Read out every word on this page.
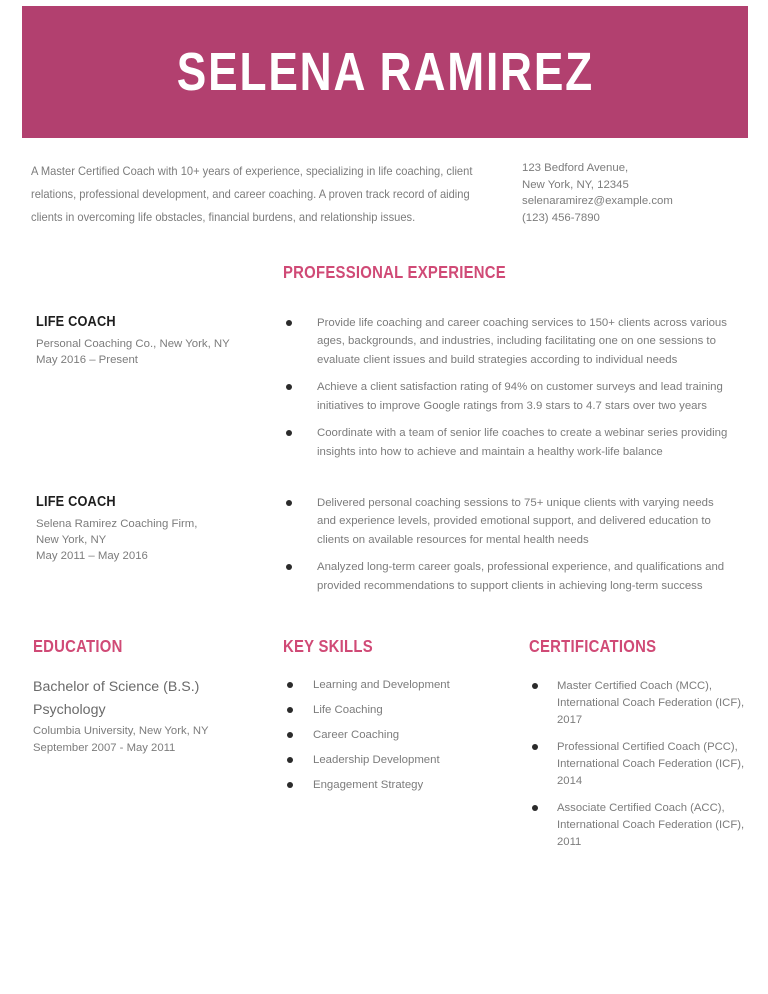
SELENA RAMIREZ
A Master Certified Coach with 10+ years of experience, specializing in life coaching, client relations, professional development, and career coaching. A proven track record of aiding clients in overcoming life obstacles, financial burdens, and relationship issues.
123 Bedford Avenue,
New York, NY, 12345
selenaramirez@example.com
(123) 456-7890
PROFESSIONAL EXPERIENCE
LIFE COACH
Personal Coaching Co., New York, NY
May 2016 – Present
Provide life coaching and career coaching services to 150+ clients across various ages, backgrounds, and industries, including facilitating one on one sessions to evaluate client issues and build strategies according to individual needs
Achieve a client satisfaction rating of 94% on customer surveys and lead training initiatives to improve Google ratings from 3.9 stars to 4.7 stars over two years
Coordinate with a team of senior life coaches to create a webinar series providing insights into how to achieve and maintain a healthy work-life balance
LIFE COACH
Selena Ramirez Coaching Firm,
New York, NY
May 2011 – May 2016
Delivered personal coaching sessions to 75+ unique clients with varying needs and experience levels, provided emotional support, and delivered education to clients on available resources for mental health needs
Analyzed long-term career goals, professional experience, and qualifications and provided recommendations to support clients in achieving long-term success
EDUCATION
Bachelor of Science (B.S.)
Psychology
Columbia University, New York, NY
September 2007 - May 2011
KEY SKILLS
Learning and Development
Life Coaching
Career Coaching
Leadership Development
Engagement Strategy
CERTIFICATIONS
Master Certified Coach (MCC), International Coach Federation (ICF), 2017
Professional Certified Coach (PCC), International Coach Federation (ICF), 2014
Associate Certified Coach (ACC), International Coach Federation (ICF), 2011
